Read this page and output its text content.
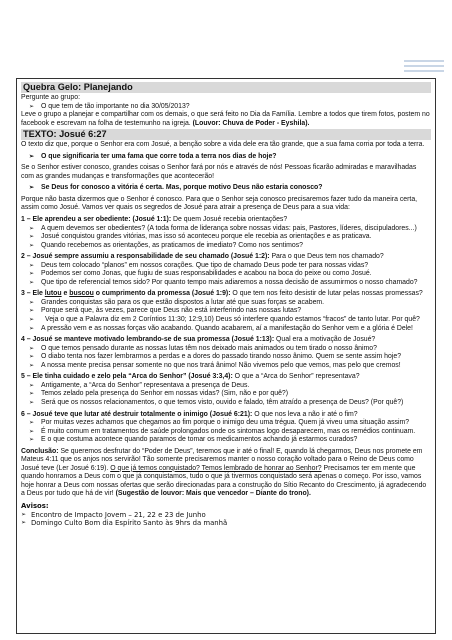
Quebra Gelo: Planejando

Pergunte ao grupo:

➢ O que tem de tão importante no dia 30/05/2013?

Leve o grupo a planejar e compartilhar com os demais, o que será feito no Dia da Família. Lembre a todos que tirem fotos, postem no facebook e escrevam na folha de testemunho na igreja. (Louvor: Chuva de Poder - Eyshila).

TEXTO: Josué 6:27

O texto diz que, porque o Senhor era com Josué, a benção sobre a vida dele era tão grande, que a sua fama corria por toda a terra.

➢ O que significaria ter uma fama que corre toda a terra nos dias de hoje?

Se o Senhor estiver conosco, grandes coisas o Senhor fará por nós e através de nós! Pessoas ficarão admiradas e maravilhadas com as grandes mudanças e transformações que acontecerão!

➢ Se Deus for conosco a vitória é certa. Mas, porque motivo Deus não estaria conosco?

Porque não basta dizermos que o Senhor é conosco. Para que o Senhor seja conosco precisaremos fazer tudo da maneira certa, assim como Josué. Vamos ver quais os segredos de Josué para atrair a presença de Deus para a sua vida:

1 – Ele aprendeu a ser obediente: (Josué 1:1): De quem Josué recebia orientações?

➢ A quem devemos ser obedientes? (A toda forma de liderança sobre nossas vidas: pais, Pastores, líderes, discipuladores...)

➢ Josué conquistou grandes vitórias, mas isso só aconteceu porque ele recebia as orientações e as praticava.

➢ Quando recebemos as orientações, as praticamos de imediato? Como nos sentimos?

2 – Josué sempre assumiu a responsabilidade de seu chamado (Josué 1:2): Para o que Deus tem nos chamado?

➢ Deus tem colocado “planos” em nossos corações. Que tipo de chamado Deus pode ter para nossas vidas?

➢ Podemos ser como Jonas, que fugiu de suas responsabilidades e acabou na boca do peixe ou como Josué.

➢ Que tipo de referencial temos sido? Por quanto tempo mais adiaremos a nossa decisão de assumirmos o nosso chamado?

3 – Ele lutou e buscou o cumprimento da promessa (Josué 1:9): O que tem nos feito desistir de lutar pelas nossas promessas?

➢ Grandes conquistas são para os que estão dispostos a lutar até que suas forças se acabem.

➢ Porque será que, às vezes, parece que Deus não está interferindo nas nossas lutas?

➢ Veja o que a Palavra diz em 2 Coríntios 11:30; 12:9,10) Deus só interfere quando estamos “fracos” de tanto lutar. Por quê?

➢ A pressão vem e as nossas forças vão acabando. Quando acabarem, aí a manifestação do Senhor vem e a glória é Dele!

4 – Josué se manteve motivado lembrando-se de sua promessa (Josué 1:13): Qual era a motivação de Josué?

➢ O que temos pensado durante as nossas lutas têm nos deixado mais animados ou tem tirado o nosso ânimo?

➢ O diabo tenta nos fazer lembrarmos a perdas e a dores do passado tirando nosso ânimo. Quem se sente assim hoje?

➢ A nossa mente precisa pensar somente no que nos trará ânimo! Não vivemos pelo que vemos, mas pelo que cremos!

5 – Ele tinha cuidado e zelo pela “Arca do Senhor” (Josué 3:3,4): O que a “Arca do Senhor” representava?

➢ Antigamente, a “Arca do Senhor” representava a presença de Deus.

➢ Temos zelado pela presença do Senhor em nossas vidas? (Sim, não e por quê?)

➢ Será que os nossos relacionamentos, o que temos visto, ouvido e falado, têm atraído a presença de Deus? (Por quê?)

6 – Josué teve que lutar até destruir totalmente o inimigo (Josué 6:21): O que nos leva a não ir até o fim?

➢ Por muitas vezes achamos que chegamos ao fim porque o inimigo deu uma trégua. Quem já viveu uma situação assim?

➢ É muito comum em tratamentos de saúde prolongados onde os sintomas logo desaparecem, mas os remédios continuam.

➢ E o que costuma acontece quando paramos de tomar os medicamentos achando já estarmos curados?

Conclusão: Se queremos desfrutar do “Poder de Deus”, teremos que ir até o final! E, quando lá chegarmos, Deus nos promete em Mateus 4:11 que os anjos nos servirão! Tão somente precisaremos manter o nosso coração voltado para o Reino de Deus como Josué teve (Ler Josué 6:19). O que já temos conquistado? Temos lembrado de honrar ao Senhor? Precisamos ter em mente que quando honramos a Deus com o que já conquistamos, tudo o que já tivermos conquistado será apenas o começo. Por isso, vamos hoje honrar a Deus com nossas ofertas que serão direcionadas para a construção do Sítio Recanto do Crescimento, já agradecendo a Deus por tudo que há de vir! (Sugestão de louvor: Mais que vencedor – Diante do trono).

Avisos:

➢ Encontro de Impacto Jovem – 21, 22 e 23 de Junho

➢ Domingo Culto Bom dia Espírito Santo às 9hrs da manhã
